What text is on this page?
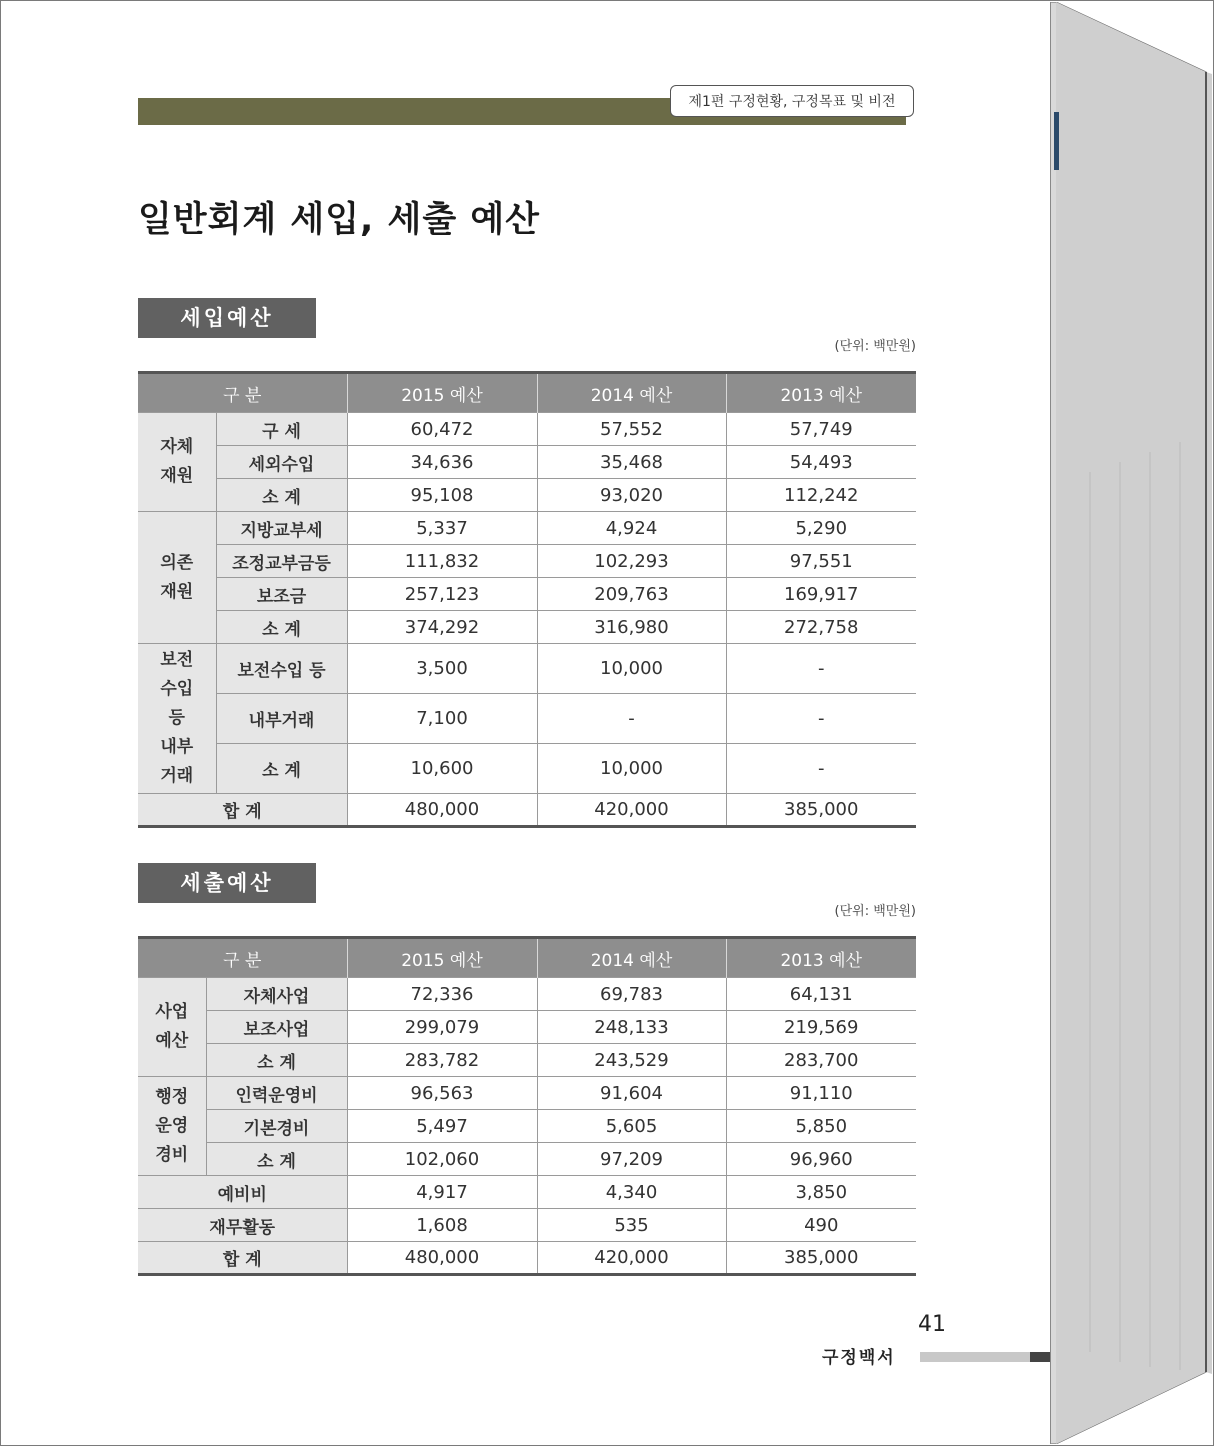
제1편 구정현황, 구정목표 및 비전
일반회계 세입, 세출 예산
세입예산
(단위: 백만원)
구 분		2015 예산	2014 예산	2013 예산
자체
재원	구 세	60,472	57,552	57,749
	세외수입	34,636	35,468	54,493
	소 계	95,108	93,020	112,242
의존
재원	지방교부세	5,337	4,924	5,290
	조정교부금등	111,832	102,293	97,551
	보조금	257,123	209,763	169,917
	소 계	374,292	316,980	272,758
보전
수입
등
내부
거래	보전수입 등	3,500	10,000	-
	내부거래	7,100	-	-
	소 계	10,600	10,000	-
합 계		480,000	420,000	385,000
세출예산
(단위: 백만원)
구 분		2015 예산	2014 예산	2013 예산
사업
예산	자체사업	72,336	69,783	64,131
	보조사업	299,079	248,133	219,569
	소 계	283,782	243,529	283,700
행정
운영
경비	인력운영비	96,563	91,604	91,110
	기본경비	5,497	5,605	5,850
	소 계	102,060	97,209	96,960
예비비		4,917	4,340	3,850
재무활동		1,608	535	490
합 계		480,000	420,000	385,000
41
구정백서
